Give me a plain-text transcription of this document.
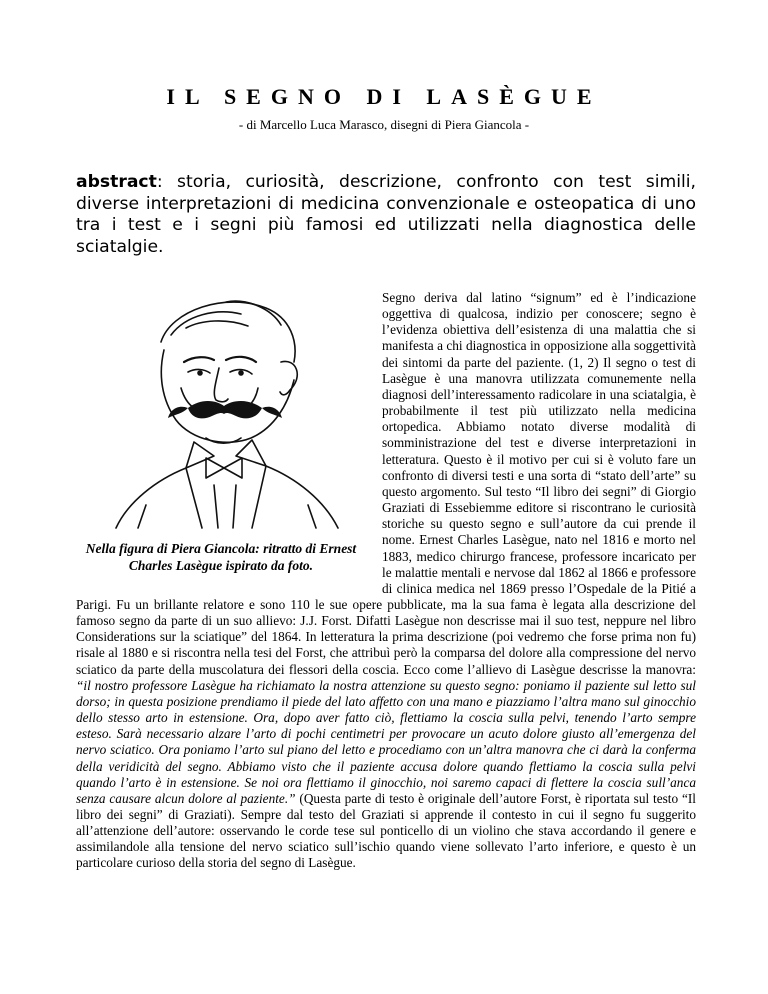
IL SEGNO DI LASÈGUE
- di Marcello Luca Marasco, disegni di Piera Giancola -

abstract: storia, curiosità, descrizione, confronto con test simili, diverse interpretazioni di medicina convenzionale e osteopatica di uno tra i test e i segni più famosi ed utilizzati nella diagnostica delle sciatalgie.

Nella figura di Piera Giancola: ritratto di Ernest Charles Lasègue ispirato da foto.
Segno deriva dal latino “signum” ed è l’indicazione oggettiva di qualcosa, indizio per conoscere; segno è l’evidenza obiettiva dell’esistenza di una malattia che si manifesta a chi diagnostica in opposizione alla soggettività dei sintomi da parte del paziente. (1, 2) Il segno o test di Lasègue è una manovra utilizzata comunemente nella diagnosi dell’interessamento radicolare in una sciatalgia, è probabilmente il test più utilizzato nella medicina ortopedica. Abbiamo notato diverse modalità di somministrazione del test e diverse interpretazioni in letteratura. Questo è il motivo per cui si è voluto fare un confronto di diversi testi e una sorta di “stato dell’arte” su questo argomento. Sul testo “Il libro dei segni” di Giorgio Graziati di Essebiemme editore si riscontrano le curiosità storiche su questo segno e sull’autore da cui prende il nome. Ernest Charles Lasègue, nato nel 1816 e morto nel 1883, medico chirurgo francese, professore incaricato per le malattie mentali e nervose dal 1862 al 1866 e professore di clinica medica nel 1869 presso l’Ospedale de la Pitié a Parigi. Fu un brillante relatore e sono 110 le sue opere pubblicate, ma la sua fama è legata alla descrizione del famoso segno da parte di un suo allievo: J.J. Forst. Difatti Lasègue non descrisse mai il suo test, neppure nel libro Considerations sur la sciatique” del 1864. In letteratura la prima descrizione (poi vedremo che forse prima non fu) risale al 1880 e si riscontra nella tesi del Forst, che attribuì però la comparsa del dolore alla compressione del nervo sciatico da parte della muscolatura dei flessori della coscia. Ecco come l’allievo di Lasègue descrisse la manovra: “il nostro professore Lasègue ha richiamato la nostra attenzione su questo segno: poniamo il paziente sul letto sul dorso; in questa posizione prendiamo il piede del lato affetto con una mano e piazziamo l’altra mano sul ginocchio dello stesso arto in estensione. Ora, dopo aver fatto ciò, flettiamo la coscia sulla pelvi, tenendo l’arto sempre esteso. Sarà necessario alzare l’arto di pochi centimetri per provocare un acuto dolore giusto all’emergenza del nervo sciatico. Ora poniamo l’arto sul piano del letto e procediamo con un’altra manovra che ci darà la conferma della veridicità del segno. Abbiamo visto che il paziente accusa dolore quando flettiamo la coscia sulla pelvi quando l’arto è in estensione. Se noi ora flettiamo il ginocchio, noi saremo capaci di flettere la coscia sull’anca senza causare alcun dolore al paziente.” (Questa parte di testo è originale dell’autore Forst, è riportata sul testo “Il libro dei segni” di Graziati). Sempre dal testo del Graziati si apprende il contesto in cui il segno fu suggerito all’attenzione dell’autore: osservando le corde tese sul ponticello di un violino che stava accordando il genere e assimilandole alla tensione del nervo sciatico sull’ischio quando viene sollevato l’arto inferiore, e questo è un particolare curioso della storia del segno di Lasègue.
